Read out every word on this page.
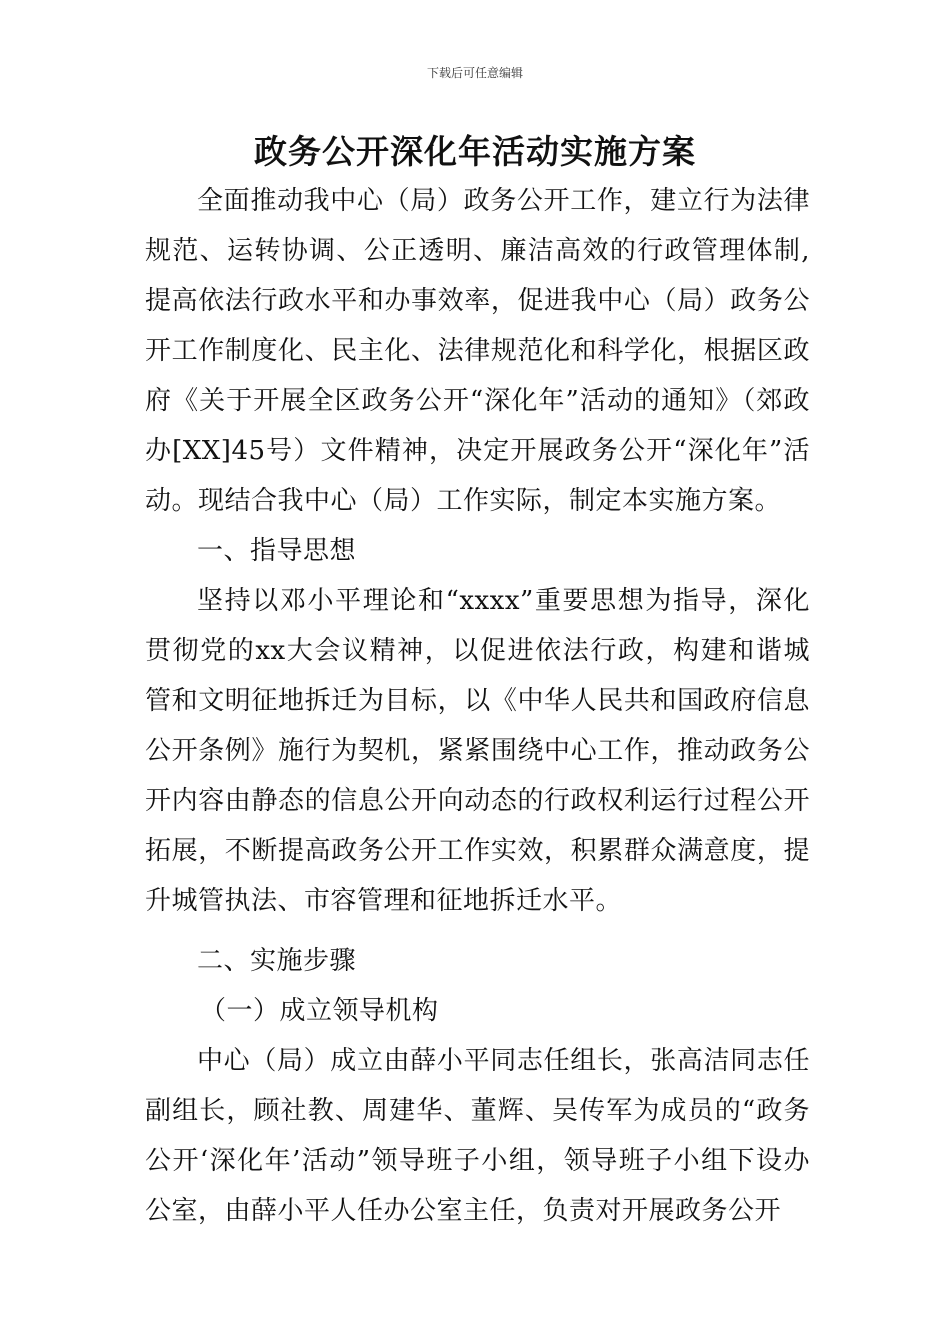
下载后可任意编辑
政务公开深化年活动实施方案

全面推动我中心（局）政务公开工作，建立行为法律规范、运转协调、公正透明、廉洁高效的行政管理体制,提高依法行政水平和办事效率，促进我中心（局）政务公开工作制度化、民主化、法律规范化和科学化，根据区政府《关于开展全区政务公开“深化年”活动的通知》（郊政办[XX]45号）文件精神，决定开展政务公开“深化年”活动。现结合我中心（局）工作实际，制定本实施方案。

一、指导思想

坚持以邓小平理论和“xxxx”重要思想为指导，深化贯彻党的xx大会议精神，以促进依法行政，构建和谐城管和文明征地拆迁为目标，以《中华人民共和国政府信息公开条例》施行为契机，紧紧围绕中心工作，推动政务公开内容由静态的信息公开向动态的行政权利运行过程公开拓展，不断提高政务公开工作实效，积累群众满意度，提升城管执法、市容管理和征地拆迁水平。

二、实施步骤

（一）成立领导机构

中心（局）成立由薛小平同志任组长，张高洁同志任副组长，顾社教、周建华、董辉、吴传军为成员的“政务公开‘深化年’活动”领导班子小组，领导班子小组下设办公室，由薛小平人任办公室主任，负责对开展政务公开
